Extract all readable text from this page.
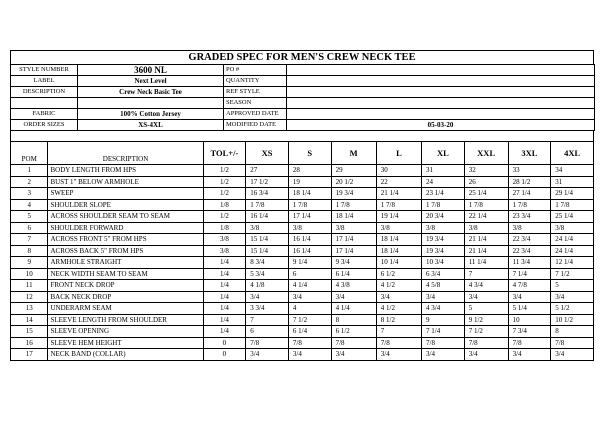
GRADED SPEC FOR MEN'S CREW NECK TEE
STYLE NUMBER	3600 NL	PO #	
LABEL	Next Level	QUANTITY	
DESCRIPTION	Crew Neck Basic Tee	REF STYLE	
		SEASON	
FABRIC	100% Cotton Jersey	APPROVED DATE	
ORDER SIZES	XS-4XL	MODIFIED DATE	05-03-20
POM	DESCRIPTION	TOL+/-	XS	S	M	L	XL	XXL	3XL	4XL
1	BODY LENGTH FROM HPS	1/2	27	28	29	30	31	32	33	34
2	BUST 1" BELOW ARMHOLE	1/2	17 1/2	19	20 1/2	22	24	26	28 1/2	31
3	SWEEP	1/2	16 3/4	18 1/4	19 3/4	21 1/4	23 1/4	25 1/4	27 1/4	29 1/4
4	SHOULDER SLOPE	1/8	1 7/8	1 7/8	1 7/8	1 7/8	1 7/8	1 7/8	1 7/8	1 7/8
5	ACROSS SHOULDER SEAM TO SEAM	1/2	16 1/4	17 1/4	18 1/4	19 1/4	20 3/4	22 1/4	23 3/4	25 1/4
6	SHOULDER FORWARD	1/8	3/8	3/8	3/8	3/8	3/8	3/8	3/8	3/8
7	ACROSS FRONT 5" FROM HPS	3/8	15 1/4	16 1/4	17 1/4	18 1/4	19 3/4	21 1/4	22 3/4	24 1/4
8	ACROSS BACK 5" FROM HPS	3/8	15 1/4	16 1/4	17 1/4	18 1/4	19 3/4	21 1/4	22 3/4	24 1/4
9	ARMHOLE STRAIGHT	1/4	8 3/4	9 1/4	9 3/4	10 1/4	10 3/4	11 1/4	11 3/4	12 1/4
10	NECK WIDTH SEAM TO SEAM	1/4	5 3/4	6	6 1/4	6 1/2	6 3/4	7	7 1/4	7 1/2
11	FRONT NECK DROP	1/4	4 1/8	4 1/4	4 3/8	4 1/2	4 5/8	4 3/4	4 7/8	5
12	BACK NECK DROP	1/4	3/4	3/4	3/4	3/4	3/4	3/4	3/4	3/4
13	UNDERARM SEAM	1/4	3 3/4	4	4 1/4	4 1/2	4 3/4	5	5 1/4	5 1/2
14	SLEEVE LENGTH FROM SHOULDER	1/4	7	7 1/2	8	8 1/2	9	9 1/2	10	10 1/2
15	SLEEVE OPENING	1/4	6	6 1/4	6 1/2	7	7 1/4	7 1/2	7 3/4	8
16	SLEEVE HEM HEIGHT	0	7/8	7/8	7/8	7/8	7/8	7/8	7/8	7/8
17	NECK BAND (COLLAR)	0	3/4	3/4	3/4	3/4	3/4	3/4	3/4	3/4
